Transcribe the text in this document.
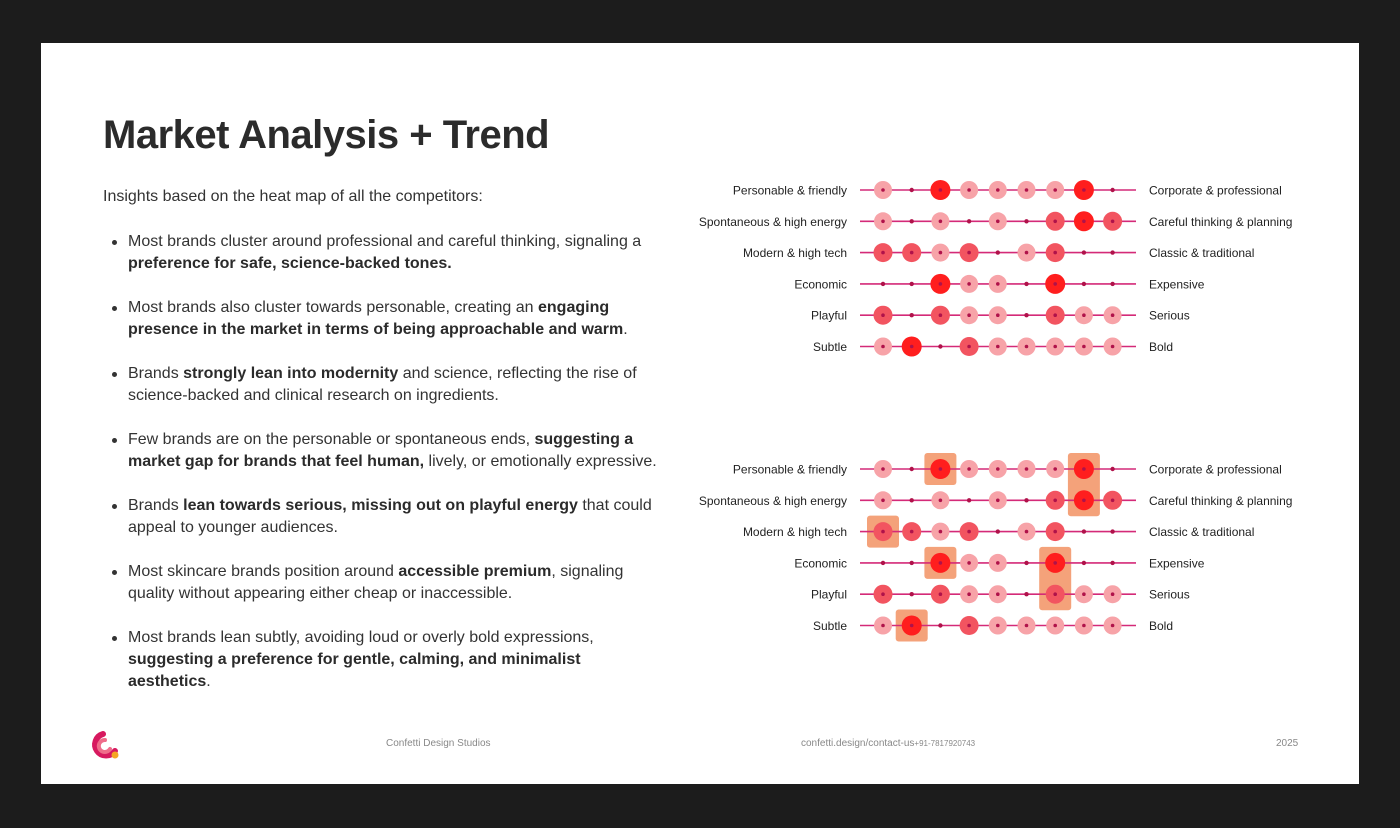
Market Analysis + Trend
Insights based on the heat map of all the competitors:
Most brands cluster around professional and careful thinking, signaling a preference for safe, science-backed tones.
Most brands also cluster towards personable, creating an engaging presence in the market in terms of being approachable and warm.
Brands strongly lean into modernity and science, reflecting the rise of science-backed and clinical research on ingredients.
Few brands are on the personable or spontaneous ends, suggesting a market gap for brands that feel human, lively, or emotionally expressive.
Brands lean towards serious, missing out on playful energy that could appeal to younger audiences.
Most skincare brands position around accessible premium, signaling quality without appearing either cheap or inaccessible.
Most brands lean subtly, avoiding loud or overly bold expressions, suggesting a preference for gentle, calming, and minimalist aesthetics.
Personable & friendly	Corporate & professional
Spontaneous & high energy	Careful thinking & planning
Modern & high tech	Classic & traditional
Economic	Expensive
Playful	Serious
Subtle	Bold
Personable & friendly	Corporate & professional
Spontaneous & high energy	Careful thinking & planning
Modern & high tech	Classic & traditional
Economic	Expensive
Playful	Serious
Subtle	Bold
Confetti Design Studios	confetti.design/contact-us+91-7817920743	2025
